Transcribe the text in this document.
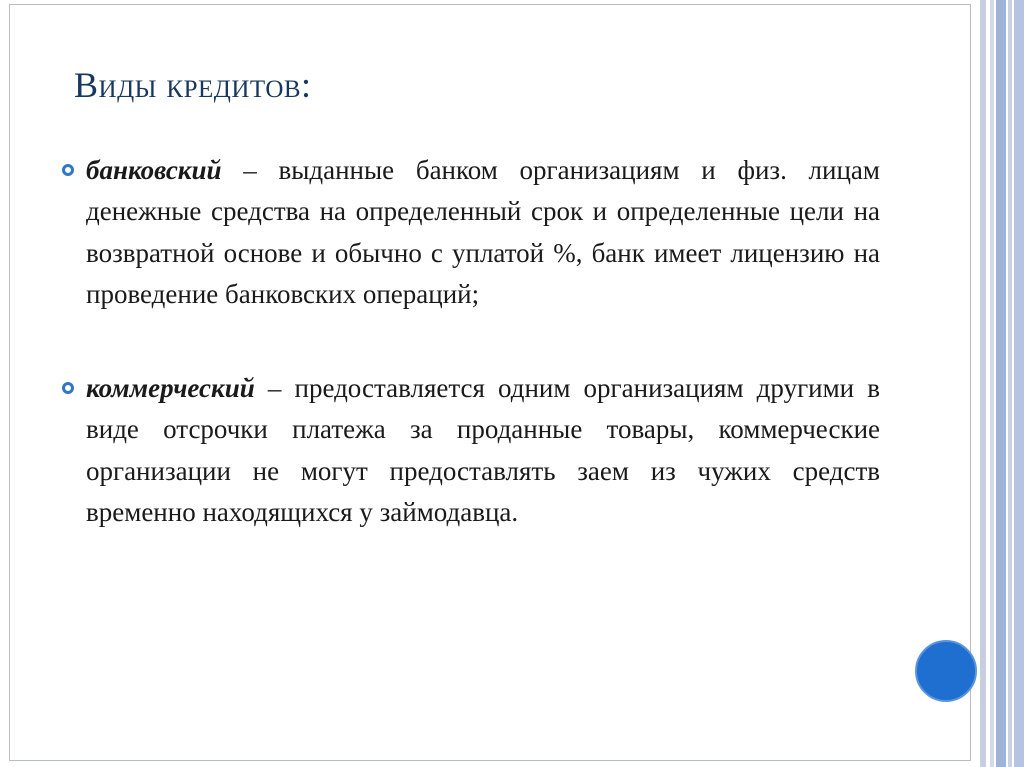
Виды кредитов:
банковский – выданные банком организациям и физ. лицам денежные средства на определенный срок и определенные цели на возвратной основе и обычно с уплатой %, банк имеет лицензию на проведение банковских операций;
коммерческий – предоставляется одним организациям другими в виде отсрочки платежа за проданные товары, коммерческие организации не могут предоставлять заем из чужих средств временно находящихся у займодавца.
